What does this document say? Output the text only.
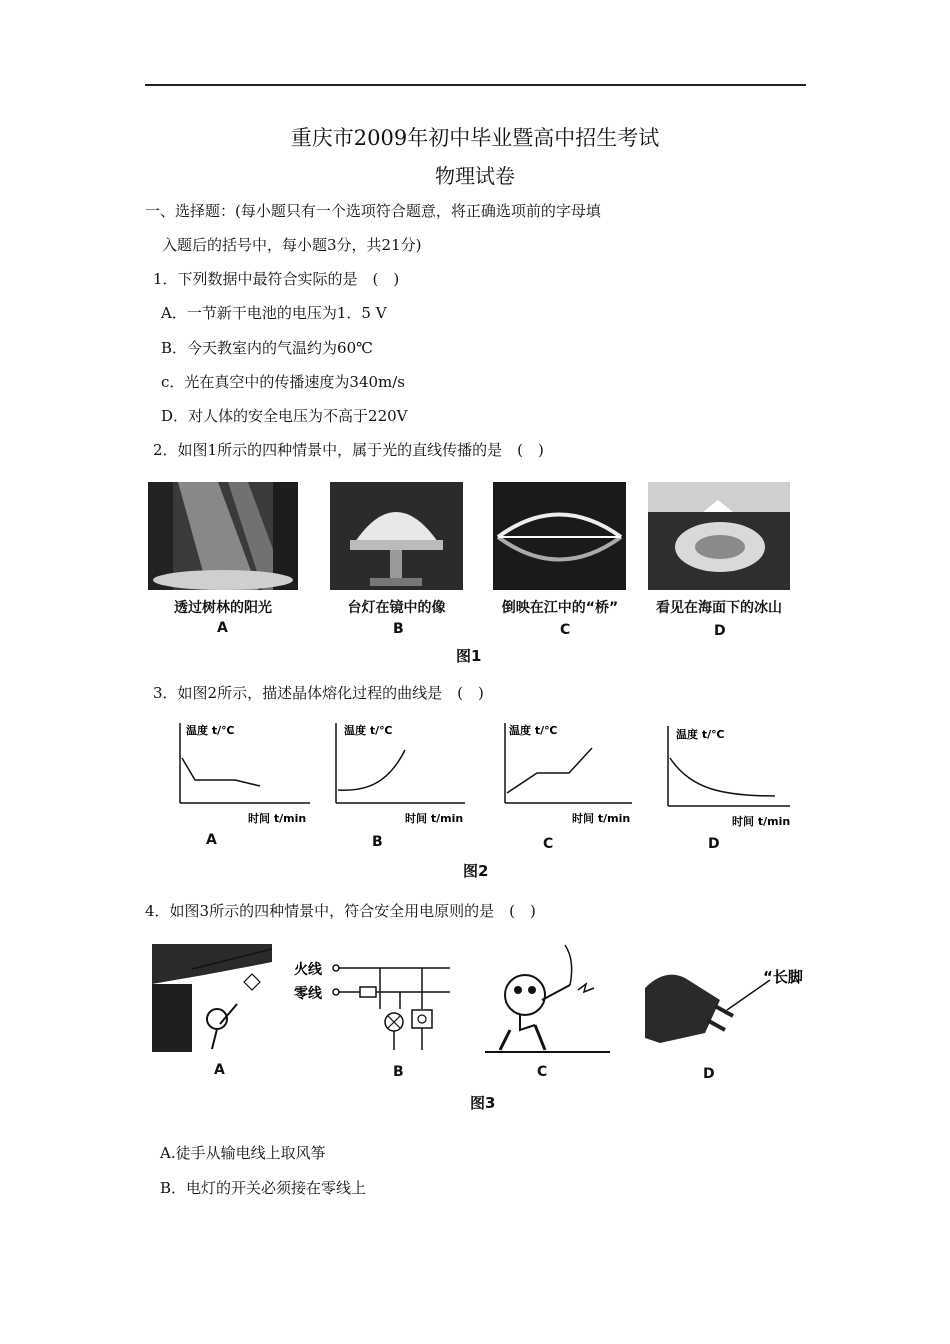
重庆市2009年初中毕业暨高中招生考试
物理试卷
一、选择题：(每小题只有一个选项符合题意，将正确选项前的字母填
入题后的括号中，每小题3分，共21分)
1．下列数据中最符合实际的是　(　)
A．一节新干电池的电压为1．5 V
B．今天教室内的气温约为60℃
c．光在真空中的传播速度为340m/s
D．对人体的安全电压为不高于220V
2．如图1所示的四种情景中，属于光的直线传播的是　(　)
透过树林的阳光	台灯在镜中的像	倒映在江中的“桥”	看见在海面下的冰山
A	B	C	D
图1
3．如图2所示，描述晶体熔化过程的曲线是　(　)
温度 t/℃
时间 t/min
温度 t/℃
时间 t/min
温度 t/℃
时间 t/min
温度 t/℃
时间 t/min
A	B	C	D
图2
4．如图3所示的四种情景中，符合安全用电原则的是　(　)
火线
零线
“长脚
A	B	C	D
图3
A.徒手从输电线上取风筝
B．电灯的开关必须接在零线上
